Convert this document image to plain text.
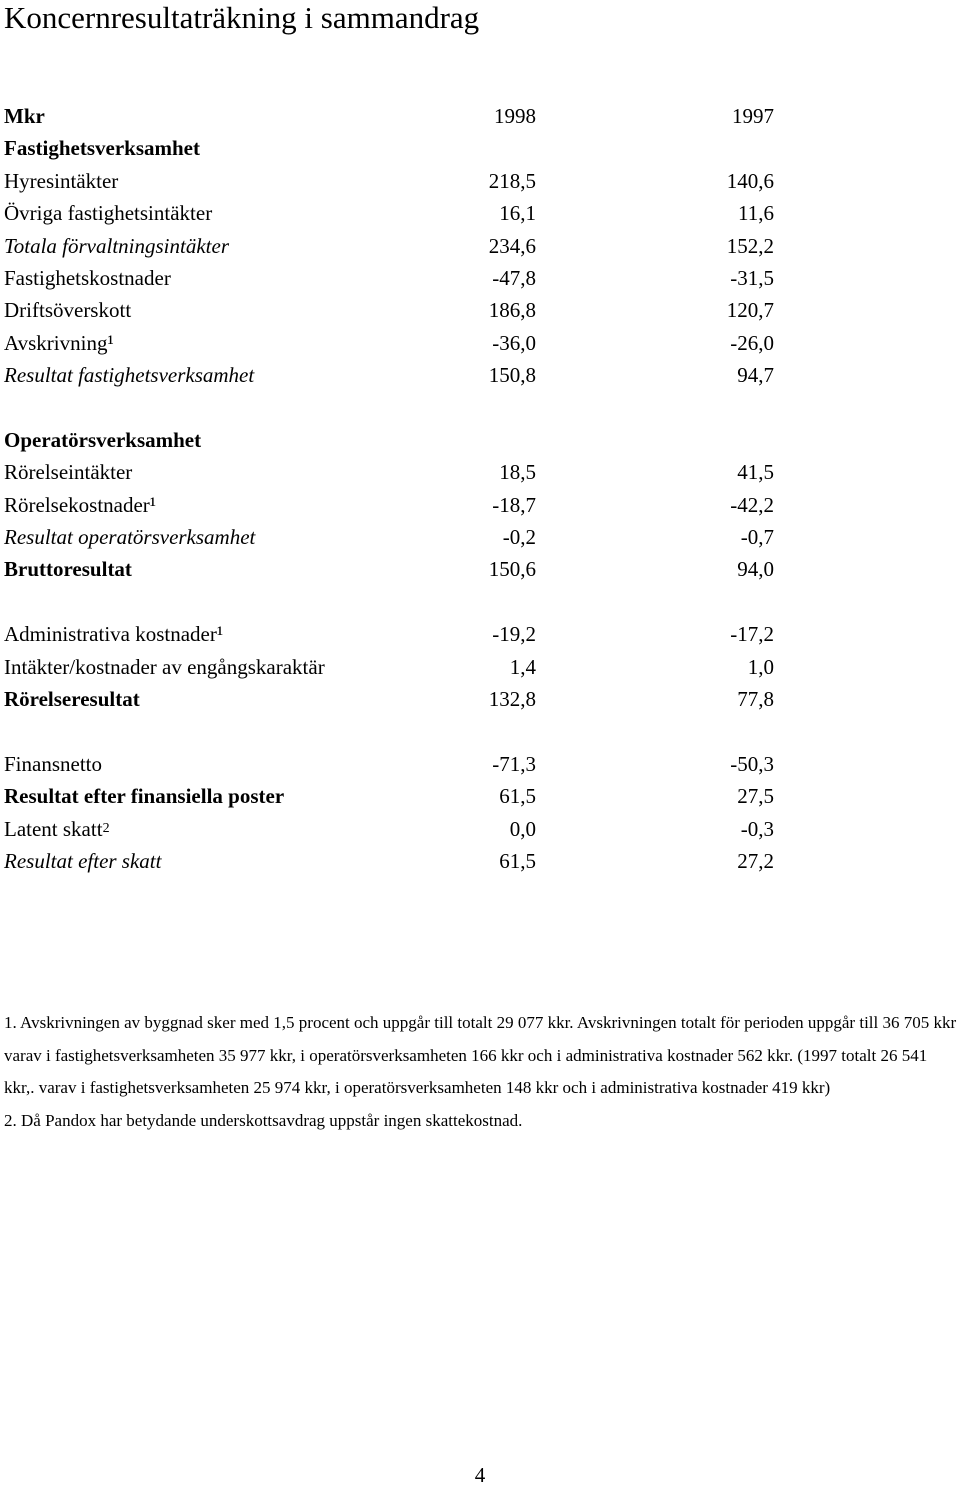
Koncernresultaträkning i sammandrag
Mkr	1998	1997
Fastighetsverksamhet
Hyresintäkter	218,5	140,6
Övriga fastighetsintäkter	16,1	11,6
Totala förvaltningsintäkter	234,6	152,2
Fastighetskostnader	-47,8	-31,5
Driftsöverskott	186,8	120,7
Avskrivning¹	-36,0	-26,0
Resultat fastighetsverksamhet	150,8	94,7
Operatörsverksamhet
Rörelseintäkter	18,5	41,5
Rörelsekostnader¹	-18,7	-42,2
Resultat operatörsverksamhet	-0,2	-0,7
Bruttoresultat	150,6	94,0
Administrativa kostnader¹	-19,2	-17,2
Intäkter/kostnader av engångskaraktär	1,4	1,0
Rörelseresultat	132,8	77,8
Finansnetto	-71,3	-50,3
Resultat efter finansiella poster	61,5	27,5
Latent skatt2	0,0	-0,3
Resultat efter skatt	61,5	27,2

1. Avskrivningen av byggnad sker med 1,5 procent och uppgår till totalt 29 077 kkr. Avskrivningen totalt för perioden uppgår till 36 705 kkr varav i fastighetsverksamheten 35 977 kkr, i operatörsverksamheten 166 kkr och i administrativa kostnader 562 kkr. (1997 totalt 26 541 kkr,. varav i fastighetsverksamheten 25 974 kkr, i operatörsverksamheten 148 kkr och i administrativa kostnader 419 kkr)

2. Då Pandox har betydande underskottsavdrag uppstår ingen skattekostnad.

4
